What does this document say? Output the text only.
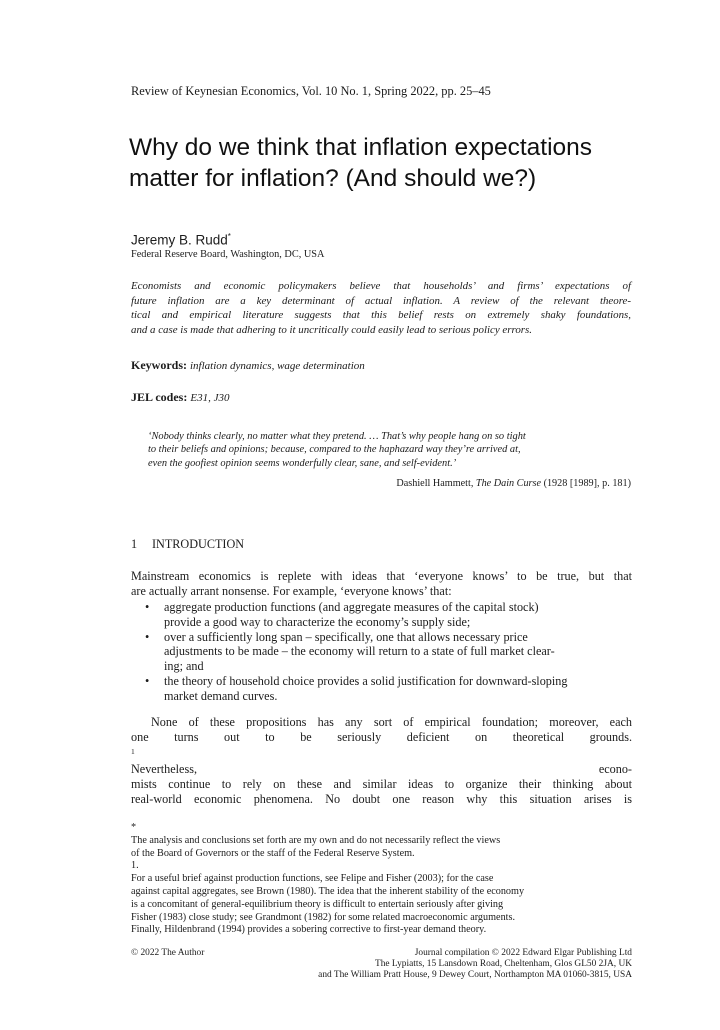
Review of Keynesian Economics, Vol. 10 No. 1, Spring 2022, pp. 25–45
Why do we think that inflation expectations
matter for inflation? (And should we?)
Jeremy B. Rudd*
Federal Reserve Board, Washington, DC, USA
Economists and economic policymakers believe that households’ and firms’ expectations of
future inflation are a key determinant of actual inflation. A review of the relevant theore-
tical and empirical literature suggests that this belief rests on extremely shaky foundations,
and a case is made that adhering to it uncritically could easily lead to serious policy errors.
Keywords: inflation dynamics, wage determination
JEL codes: E31, J30
‘Nobody thinks clearly, no matter what they pretend. … That’s why people hang on so tight
to their beliefs and opinions; because, compared to the haphazard way they’re arrived at,
even the goofiest opinion seems wonderfully clear, sane, and self-evident.’
Dashiell Hammett, The Dain Curse (1928 [1989], p. 181)
1 INTRODUCTION
Mainstream economics is replete with ideas that ‘everyone knows’ to be true, but that
are actually arrant nonsense. For example, ‘everyone knows’ that:
• aggregate production functions (and aggregate measures of the capital stock)
provide a good way to characterize the economy’s supply side;
• over a sufficiently long span – specifically, one that allows necessary price
adjustments to be made – the economy will return to a state of full market clear-
ing; and
• the theory of household choice provides a solid justification for downward-sloping
market demand curves.
None of these propositions has any sort of empirical foundation; moreover, each
one turns out to be seriously deficient on theoretical grounds.
$^1$
Nevertheless, econo-
mists continue to rely on these and similar ideas to organize their thinking about
real-world economic phenomena. No doubt one reason why this situation arises is
*
The analysis and conclusions set forth are my own and do not necessarily reflect the views
of the Board of Governors or the staff of the Federal Reserve System.
1.
For a useful brief against production functions, see Felipe and Fisher (2003); for the case
against capital aggregates, see Brown (1980). The idea that the inherent stability of the economy
is a concomitant of general-equilibrium theory is difficult to entertain seriously after giving
Fisher (1983) close study; see Grandmont (1982) for some related macroeconomic arguments.
Finally, Hildenbrand (1994) provides a sobering corrective to first-year demand theory.
© 2022 The Author	Journal compilation © 2022 Edward Elgar Publishing Ltd
The Lypiatts, 15 Lansdown Road, Cheltenham, Glos GL50 2JA, UK
and The William Pratt House, 9 Dewey Court, Northampton MA 01060-3815, USA
